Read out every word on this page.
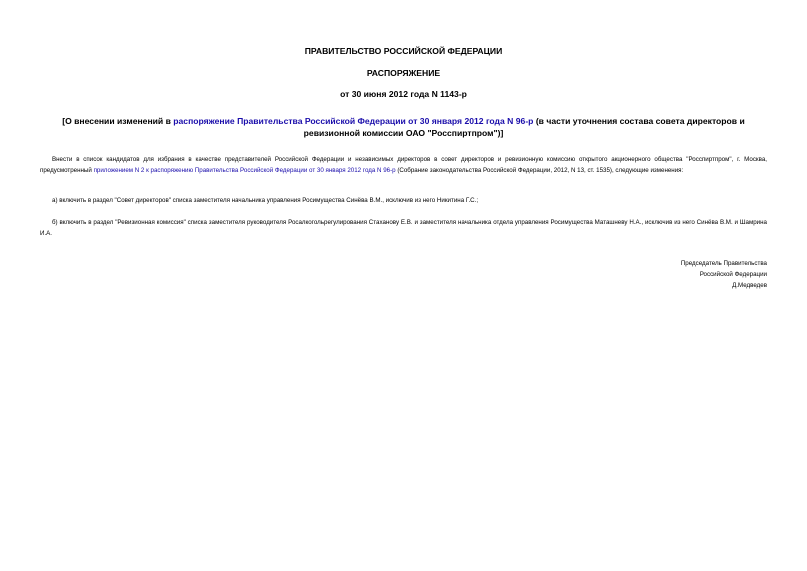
ПРАВИТЕЛЬСТВО РОССИЙСКОЙ ФЕДЕРАЦИИ

РАСПОРЯЖЕНИЕ

от 30 июня 2012 года N 1143-р

[О внесении изменений в распоряжение Правительства Российской Федерации от 30 января 2012 года N 96-р (в части уточнения состава совета директоров и ревизионной комиссии ОАО "Росспиртпром")]

Внести в список кандидатов для избрания в качестве представителей Российской Федерации и независимых директоров в совет директоров и ревизионную комиссию открытого акционерного общества "Росспиртпром", г. Москва, предусмотренный приложением N 2 к распоряжению Правительства Российской Федерации от 30 января 2012 года N 96-р (Собрание законодательства Российской Федерации, 2012, N 13, ст. 1535), следующие изменения:

а) включить в раздел "Совет директоров" списка заместителя начальника управления Росимущества Синёва В.М., исключив из него Никитина Г.С.;

б) включить в раздел "Ревизионная комиссия" списка заместителя руководителя Росалкогольрегулирования Стаханову Е.В. и заместителя начальника отдела управления Росимущества Маташневу Н.А., исключив из него Синёва В.М. и Шамрина И.А.

Председатель Правительства

Российской Федерации

Д.Медведев
